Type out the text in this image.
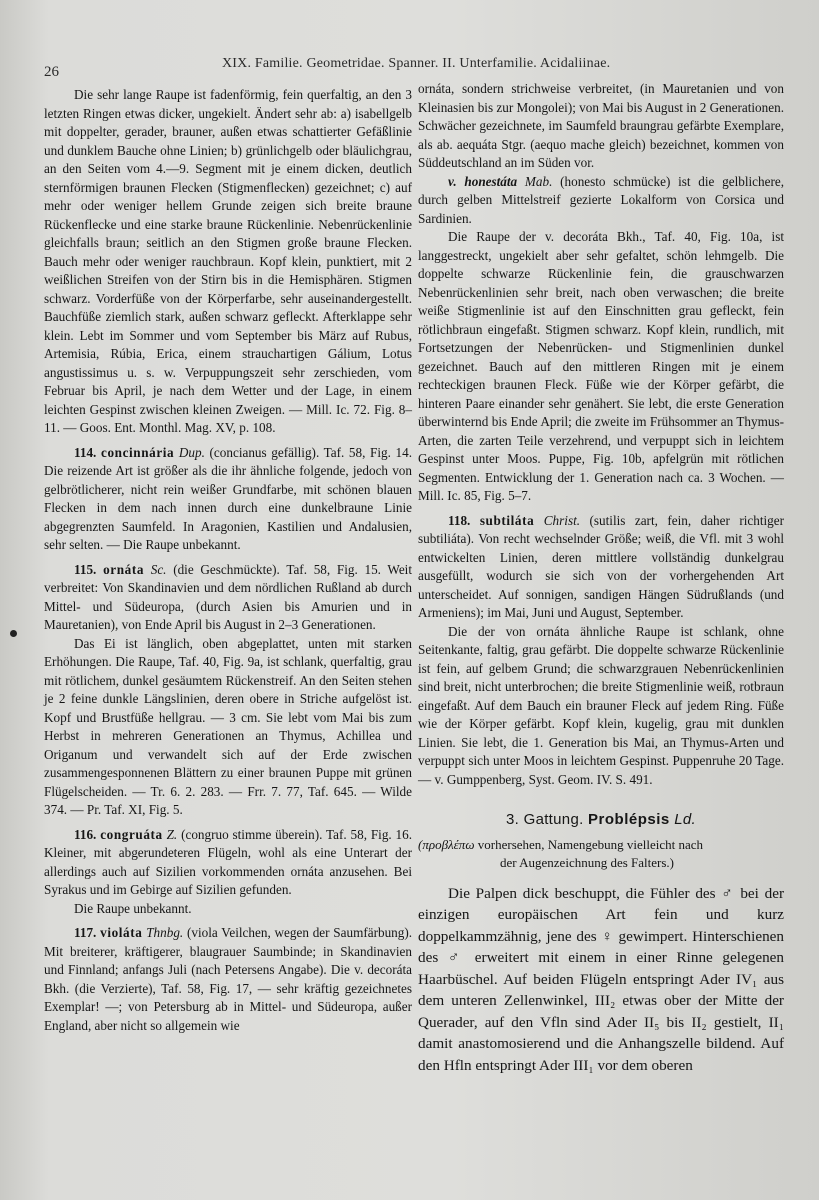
26
XIX. Familie. Geometridae. Spanner. II. Unterfamilie. Acidaliinae.

Die sehr lange Raupe ist fadenförmig, fein querfaltig, an den 3 letzten Ringen etwas dicker, ungekielt. Ändert sehr ab: a) isabellgelb mit doppelter, gerader, brauner, außen etwas schattierter Gefäßlinie und dunklem Bauche ohne Linien; b) grünlichgelb oder bläulichgrau, an den Seiten vom 4.—9. Segment mit je einem dicken, deutlich sternförmigen braunen Flecken (Stigmenflecken) gezeichnet; c) auf mehr oder weniger hellem Grunde zeigen sich breite braune Rückenflecke und eine starke braune Rückenlinie. Nebenrückenlinie gleichfalls braun; seitlich an den Stigmen große braune Flecken. Bauch mehr oder weniger rauchbraun. Kopf klein, punktiert, mit 2 weißlichen Streifen von der Stirn bis in die Hemisphären. Stigmen schwarz. Vorderfüße von der Körperfarbe, sehr auseinandergestellt. Bauchfüße ziemlich stark, außen schwarz gefleckt. Afterklappe sehr klein. Lebt im Sommer und vom September bis März auf Rubus, Artemisia, Rúbia, Erica, einem strauchartigen Gálium, Lotus angustissimus u. s. w. Verpuppungszeit sehr zerschieden, vom Februar bis April, je nach dem Wetter und der Lage, in einem leichten Gespinst zwischen kleinen Zweigen. — Mill. Ic. 72. Fig. 8–11. — Goos. Ent. Monthl. Mag. XV, p. 108.

114. concinnária Dup. (concianus gefällig). Taf. 58, Fig. 14. Die reizende Art ist größer als die ihr ähnliche folgende, jedoch von gelbrötlicherer, nicht rein weißer Grundfarbe, mit schönen blauen Flecken in dem nach innen durch eine dunkelbraune Linie abgegrenzten Saumfeld. In Aragonien, Kastilien und Andalusien, sehr selten. — Die Raupe unbekannt.

115. ornáta Sc. (die Geschmückte). Taf. 58, Fig. 15. Weit verbreitet: Von Skandinavien und dem nördlichen Rußland ab durch Mittel- und Südeuropa, (durch Asien bis Amurien und in Mauretanien), von Ende April bis August in 2–3 Generationen.

Das Ei ist länglich, oben abgeplattet, unten mit starken Erhöhungen. Die Raupe, Taf. 40, Fig. 9a, ist schlank, querfaltig, grau mit rötlichem, dunkel gesäumtem Rückenstreif. An den Seiten stehen je 2 feine dunkle Längslinien, deren obere in Striche aufgelöst ist. Kopf und Brustfüße hellgrau. — 3 cm. Sie lebt vom Mai bis zum Herbst in mehreren Generationen an Thymus, Achillea und Origanum und verwandelt sich auf der Erde zwischen zusammengesponnenen Blättern zu einer braunen Puppe mit grünen Flügelscheiden. — Tr. 6. 2. 283. — Frr. 7. 77, Taf. 645. — Wilde 374. — Pr. Taf. XI, Fig. 5.

116. congruáta Z. (congruo stimme überein). Taf. 58, Fig. 16. Kleiner, mit abgerundeteren Flügeln, wohl als eine Unterart der allerdings auch auf Sizilien vorkommenden ornáta anzusehen. Bei Syrakus und im Gebirge auf Sizilien gefunden.

Die Raupe unbekannt.

117. violáta Thnbg. (viola Veilchen, wegen der Saumfärbung). Mit breiterer, kräftigerer, blaugrauer Saumbinde; in Skandinavien und Finnland; anfangs Juli (nach Petersens Angabe). Die v. decoráta Bkh. (die Verzierte), Taf. 58, Fig. 17, — sehr kräftig gezeichnetes Exemplar! —; von Petersburg ab in Mittel- und Südeuropa, außer England, aber nicht so allgemein wie

ornáta, sondern strichweise verbreitet, (in Mauretanien und von Kleinasien bis zur Mongolei); von Mai bis August in 2 Generationen. Schwächer gezeichnete, im Saumfeld braungrau gefärbte Exemplare, als ab. aequáta Stgr. (aequo mache gleich) bezeichnet, kommen von Süddeutschland an im Süden vor.

v. honestáta Mab. (honesto schmücke) ist die gelblichere, durch gelben Mittelstreif gezierte Lokalform von Corsica und Sardinien.

Die Raupe der v. decoráta Bkh., Taf. 40, Fig. 10a, ist langgestreckt, ungekielt aber sehr gefaltet, schön lehmgelb. Die doppelte schwarze Rückenlinie fein, die grauschwarzen Nebenrückenlinien sehr breit, nach oben verwaschen; die breite weiße Stigmenlinie ist auf den Einschnitten grau gefleckt, fein rötlichbraun eingefaßt. Stigmen schwarz. Kopf klein, rundlich, mit Fortsetzungen der Nebenrücken- und Stigmenlinien dunkel gezeichnet. Bauch auf den mittleren Ringen mit je einem rechteckigen braunen Fleck. Füße wie der Körper gefärbt, die hinteren Paare einander sehr genähert. Sie lebt, die erste Generation überwinternd bis Ende April; die zweite im Frühsommer an Thymus-Arten, die zarten Teile verzehrend, und verpuppt sich in leichtem Gespinst unter Moos. Puppe, Fig. 10b, apfelgrün mit rötlichen Segmenten. Entwicklung der 1. Generation nach ca. 3 Wochen. — Mill. Ic. 85, Fig. 5–7.

118. subtiláta Christ. (sutilis zart, fein, daher richtiger subtiliáta). Von recht wechselnder Größe; weiß, die Vfl. mit 3 wohl entwickelten Linien, deren mittlere vollständig dunkelgrau ausgefüllt, wodurch sie sich von der vorhergehenden Art unterscheidet. Auf sonnigen, sandigen Hängen Südrußlands (und Armeniens); im Mai, Juni und August, September.

Die der von ornáta ähnliche Raupe ist schlank, ohne Seitenkante, faltig, grau gefärbt. Die doppelte schwarze Rückenlinie ist fein, auf gelbem Grund; die schwarzgrauen Nebenrückenlinien sind breit, nicht unterbrochen; die breite Stigmenlinie weiß, rotbraun eingefaßt. Auf dem Bauch ein brauner Fleck auf jedem Ring. Füße wie der Körper gefärbt. Kopf klein, kugelig, grau mit dunklen Linien. Sie lebt, die 1. Generation bis Mai, an Thymus-Arten und verpuppt sich unter Moos in leichtem Gespinst. Puppenruhe 20 Tage. — v. Gumppenberg, Syst. Geom. IV. S. 491.

3. Gattung. Problépsis Ld.

(προβλέπω vorhersehen, Namengebung vielleicht nach
der Augenzeichnung des Falters.)

Die Palpen dick beschuppt, die Fühler des ♂ bei der einzigen europäischen Art fein und kurz doppelkammzähnig, jene des ♀ gewimpert. Hinterschienen des ♂ erweitert mit einem in einer Rinne gelegenen Haarbüschel. Auf beiden Flügeln entspringt Ader IV₁ aus dem unteren Zellenwinkel, III₂ etwas ober der Mitte der Querader, auf den Vfln sind Ader II₅ bis II₂ gestielt, II₁ damit anastomosierend und die Anhangszelle bildend. Auf den Hfln entspringt Ader III₁ vor dem oberen
